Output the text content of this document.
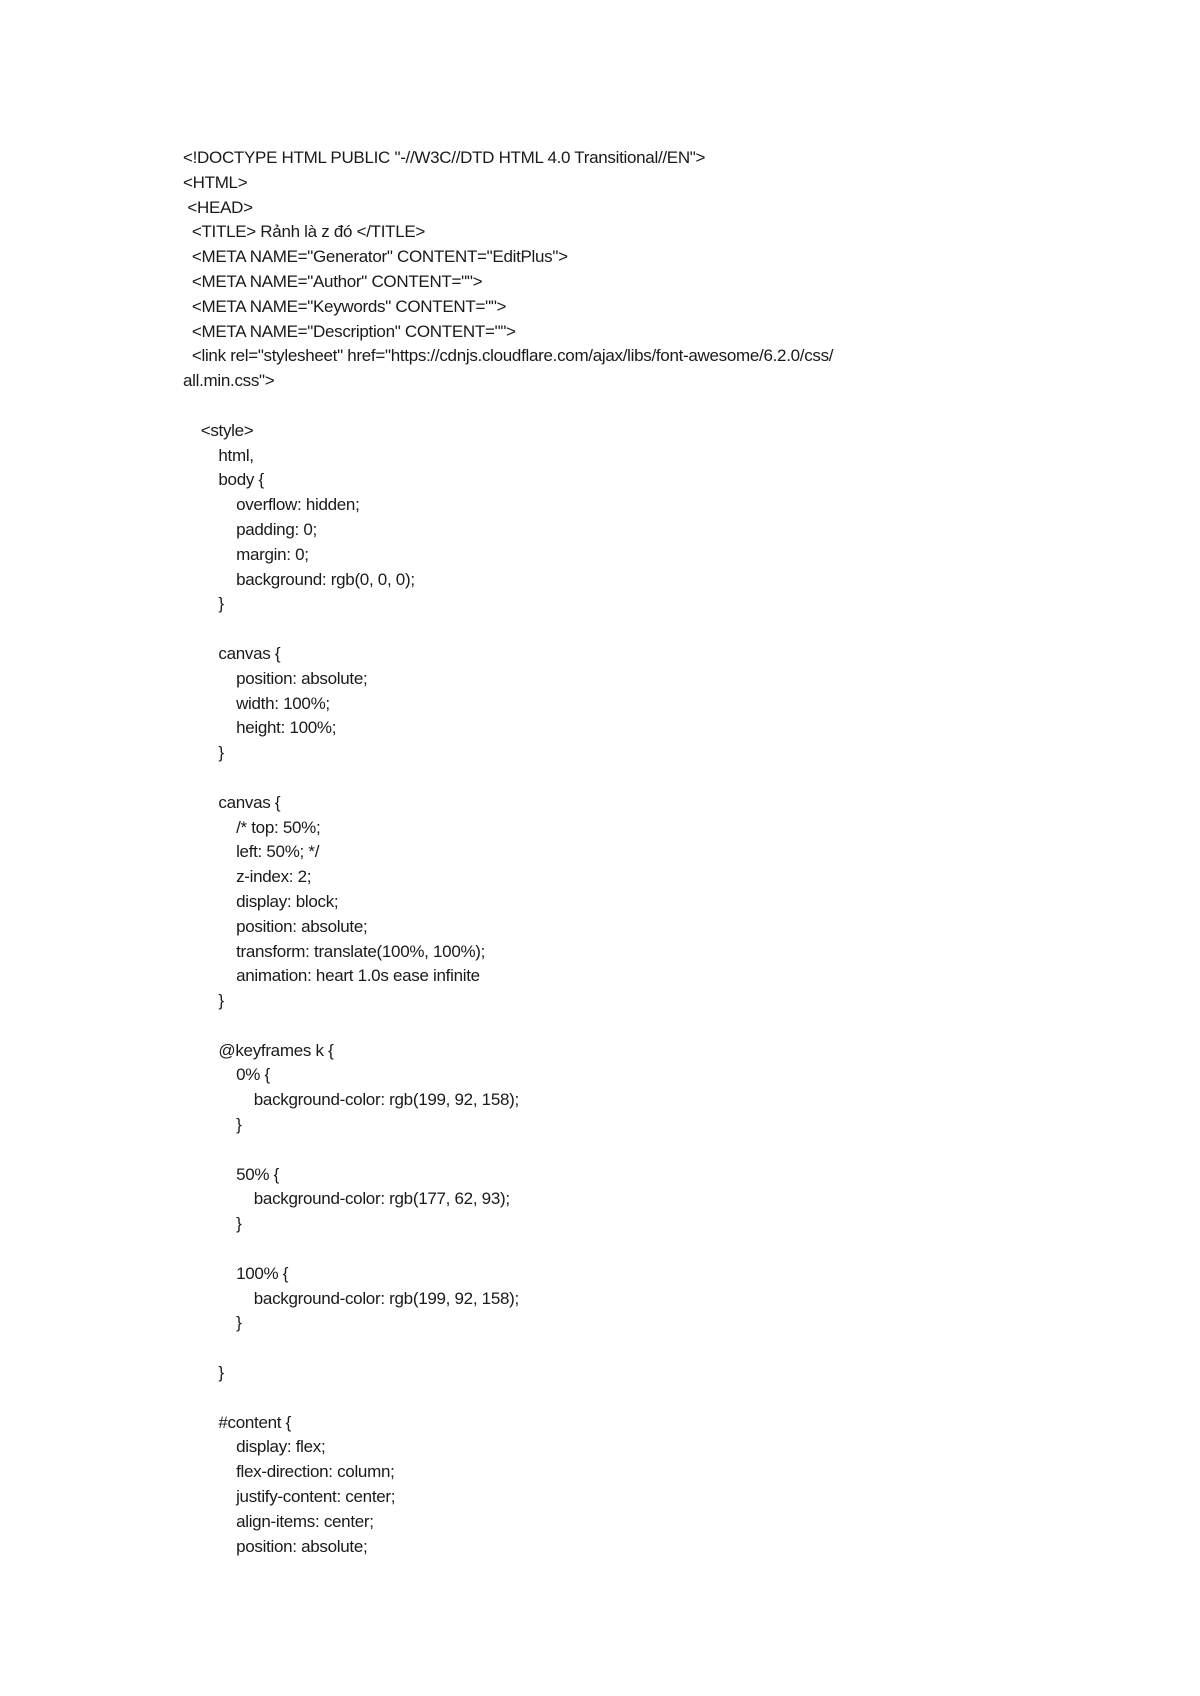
<!DOCTYPE HTML PUBLIC "-//W3C//DTD HTML 4.0 Transitional//EN">
<HTML>
<HEAD>
<TITLE> Rảnh là z đó </TITLE>
<META NAME="Generator" CONTENT="EditPlus">
<META NAME="Author" CONTENT="">
<META NAME="Keywords" CONTENT="">
<META NAME="Description" CONTENT="">
<link rel="stylesheet" href="https://cdnjs.cloudflare.com/ajax/libs/font-awesome/6.2.0/css/
all.min.css">
<style>
html,
body {
overflow: hidden;
padding: 0;
margin: 0;
background: rgb(0, 0, 0);
}
canvas {
position: absolute;
width: 100%;
height: 100%;
}
canvas {
/* top: 50%;
left: 50%; */
z-index: 2;
display: block;
position: absolute;
transform: translate(100%, 100%);
animation: heart 1.0s ease infinite
}
@keyframes k {
0% {
background-color: rgb(199, 92, 158);
}
50% {
background-color: rgb(177, 62, 93);
}
100% {
background-color: rgb(199, 92, 158);
}
}
#content {
display: flex;
flex-direction: column;
justify-content: center;
align-items: center;
position: absolute;
